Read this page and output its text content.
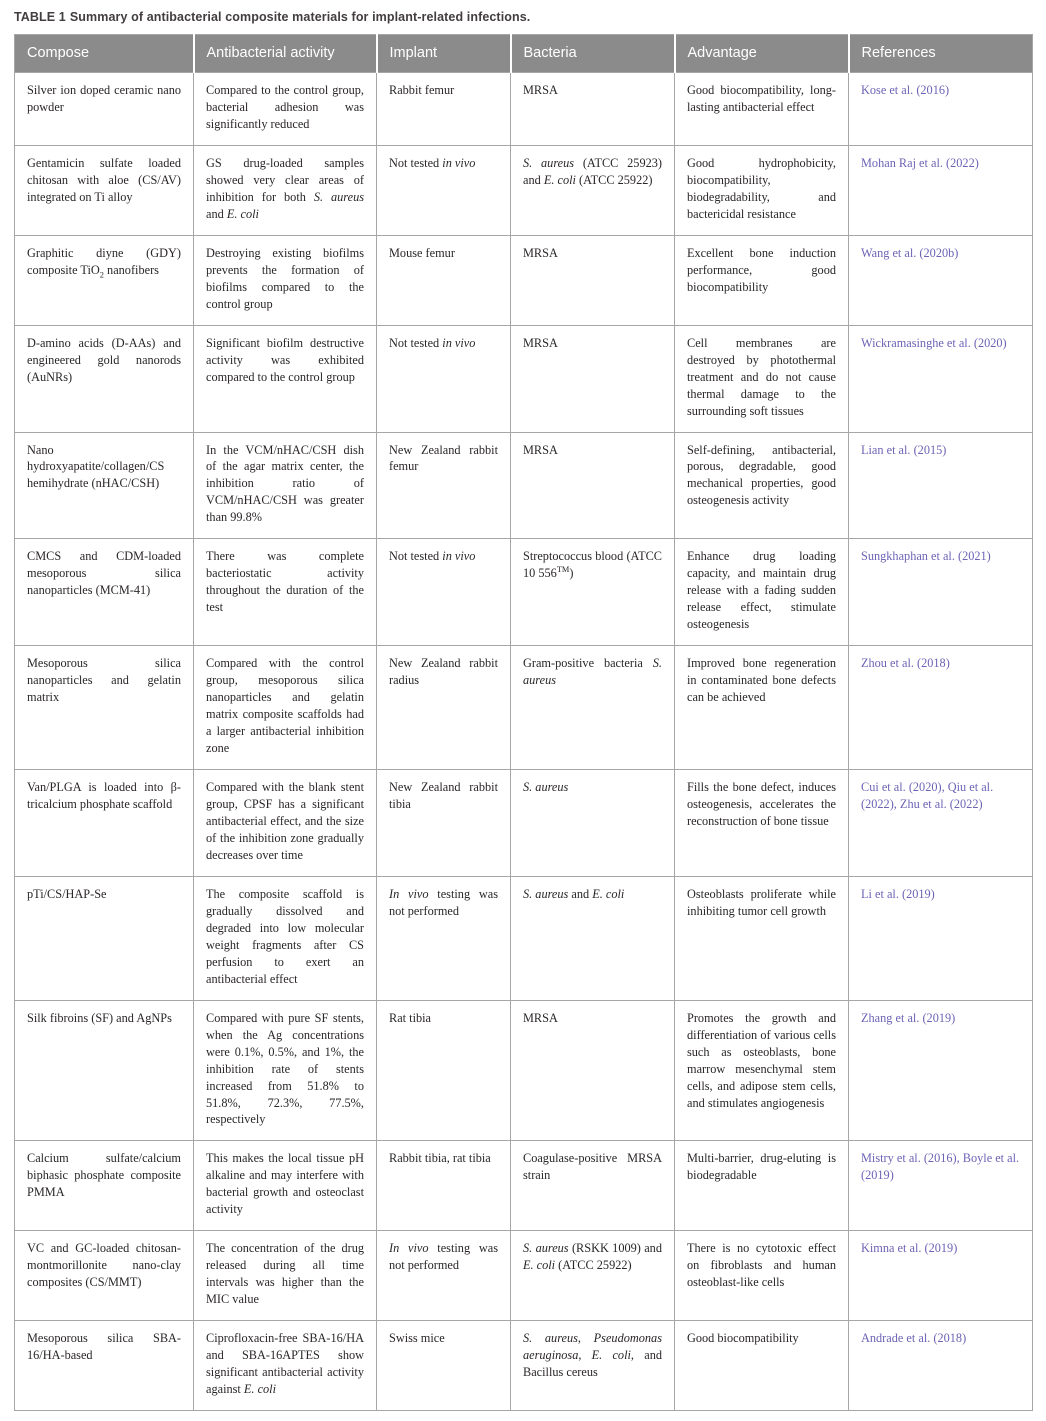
TABLE 1 Summary of antibacterial composite materials for implant-related infections.
Compose	Antibacterial activity	Implant	Bacteria	Advantage	References
Silver ion doped ceramic nano powder	Compared to the control group, bacterial adhesion was significantly reduced	Rabbit femur	MRSA	Good biocompatibility, long-lasting antibacterial effect	Kose et al. (2016)
Gentamicin sulfate loaded chitosan with aloe (CS/AV) integrated on Ti alloy	GS drug-loaded samples showed very clear areas of inhibition for both S. aureus and E. coli	Not tested in vivo	S. aureus (ATCC 25923) and E. coli (ATCC 25922)	Good hydrophobicity, biocompatibility, biodegradability, and bactericidal resistance	Mohan Raj et al. (2022)
Graphitic diyne (GDY) composite TiO$_2$ nanofibers	Destroying existing biofilms prevents the formation of biofilms compared to the control group	Mouse femur	MRSA	Excellent bone induction performance, good biocompatibility	Wang et al. (2020b)
D-amino acids (D-AAs) and engineered gold nanorods (AuNRs)	Significant biofilm destructive activity was exhibited compared to the control group	Not tested in vivo	MRSA	Cell membranes are destroyed by photothermal treatment and do not cause thermal damage to the surrounding soft tissues	Wickramasinghe et al. (2020)
Nano hydroxyapatite/collagen/CS hemihydrate (nHAC/CSH)	In the VCM/nHAC/CSH dish of the agar matrix center, the inhibition ratio of VCM/nHAC/CSH was greater than 99.8%	New Zealand rabbit femur	MRSA	Self-defining, antibacterial, porous, degradable, good mechanical properties, good osteogenesis activity	Lian et al. (2015)
CMCS and CDM-loaded mesoporous silica nanoparticles (MCM-41)	There was complete bacteriostatic activity throughout the duration of the test	Not tested in vivo	Streptococcus blood (ATCC 10 556™)	Enhance drug loading capacity, and maintain drug release with a fading sudden release effect, stimulate osteogenesis	Sungkhaphan et al. (2021)
Mesoporous silica nanoparticles and gelatin matrix	Compared with the control group, mesoporous silica nanoparticles and gelatin matrix composite scaffolds had a larger antibacterial inhibition zone	New Zealand rabbit radius	Gram-positive bacteria S. aureus	Improved bone regeneration in contaminated bone defects can be achieved	Zhou et al. (2018)
Van/PLGA is loaded into β-tricalcium phosphate scaffold	Compared with the blank stent group, CPSF has a significant antibacterial effect, and the size of the inhibition zone gradually decreases over time	New Zealand rabbit tibia	S. aureus	Fills the bone defect, induces osteogenesis, accelerates the reconstruction of bone tissue	Cui et al. (2020), Qiu et al. (2022), Zhu et al. (2022)
pTi/CS/HAP-Se	The composite scaffold is gradually dissolved and degraded into low molecular weight fragments after CS perfusion to exert an antibacterial effect	In vivo testing was not performed	S. aureus and E. coli	Osteoblasts proliferate while inhibiting tumor cell growth	Li et al. (2019)
Silk fibroins (SF) and AgNPs	Compared with pure SF stents, when the Ag concentrations were 0.1%, 0.5%, and 1%, the inhibition rate of stents increased from 51.8% to 51.8%, 72.3%, 77.5%, respectively	Rat tibia	MRSA	Promotes the growth and differentiation of various cells such as osteoblasts, bone marrow mesenchymal stem cells, and adipose stem cells, and stimulates angiogenesis	Zhang et al. (2019)
Calcium sulfate/calcium biphasic phosphate composite PMMA	This makes the local tissue pH alkaline and may interfere with bacterial growth and osteoclast activity	Rabbit tibia, rat tibia	Coagulase-positive MRSA strain	Multi-barrier, drug-eluting is biodegradable	Mistry et al. (2016), Boyle et al. (2019)
VC and GC-loaded chitosan-montmorillonite nano-clay composites (CS/MMT)	The concentration of the drug released during all time intervals was higher than the MIC value	In vivo testing was not performed	S. aureus (RSKK 1009) and E. coli (ATCC 25922)	There is no cytotoxic effect on fibroblasts and human osteoblast-like cells	Kimna et al. (2019)
Mesoporous silica SBA-16/HA-based	Ciprofloxacin-free SBA-16/HA and SBA-16APTES show significant antibacterial activity against E. coli	Swiss mice	S. aureus, Pseudomonas aeruginosa, E. coli, and Bacillus cereus	Good biocompatibility	Andrade et al. (2018)
